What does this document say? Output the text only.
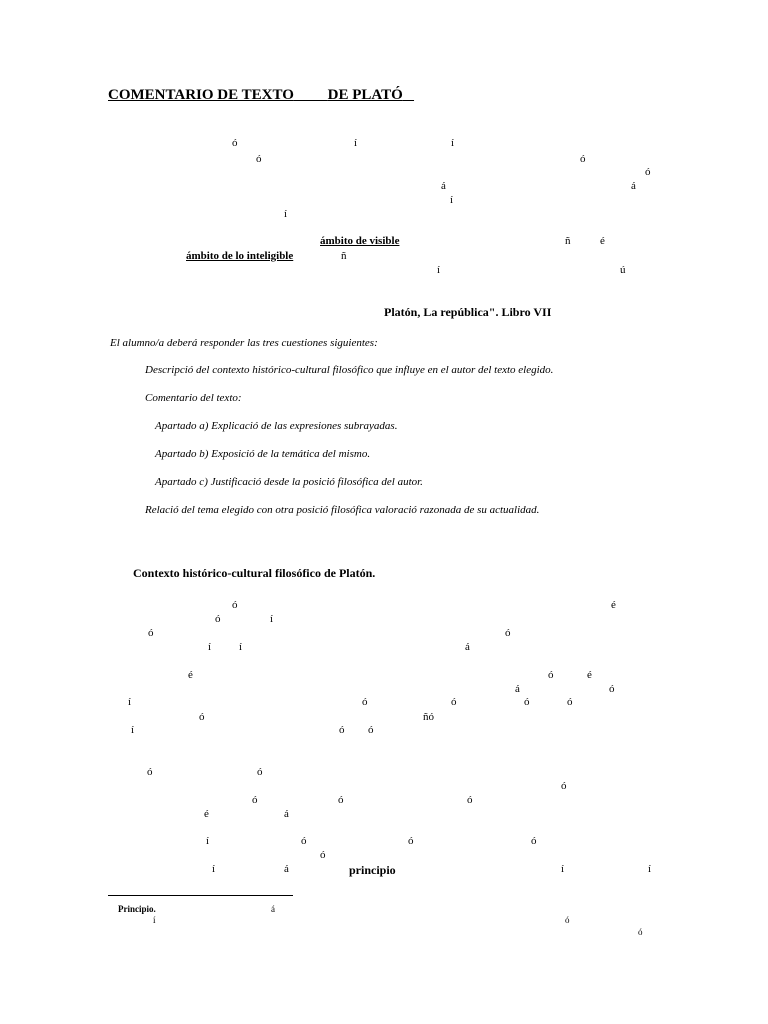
COMENTARIO DE TEXTO DE PLATÓ
ó	í	í
ó	ó
ó
á	á
í
í
ámbito de visible	ñ	é
ámbito de lo inteligible	ñ
í	ú
Platón, La república". Libro VII
El alumno/a deberá responder las tres cuestiones siguientes:
Descripció del contexto histórico-cultural filosófico que influye en el autor del texto elegido.
Comentario del texto:
Apartado a) Explicació de las expresiones subrayadas.
Apartado b) Exposició de la temática del mismo.
Apartado c) Justificació desde la posició filosófica del autor.
Relació del tema elegido con otra posició filosófica valoració razonada de su actualidad.
Contexto histórico-cultural filosófico de Platón.
ó	é
ó	í
ó	ó
í	í	á
é	ó	é
á	ó
í	ó	ó	ó	ó
ó	ñó
í	ó ó
ó	ó
ó
ó	ó	ó
é	á
í	ó	ó	ó
ó
í	á	principio	í	í
Principio.	á
í	ó
ó
